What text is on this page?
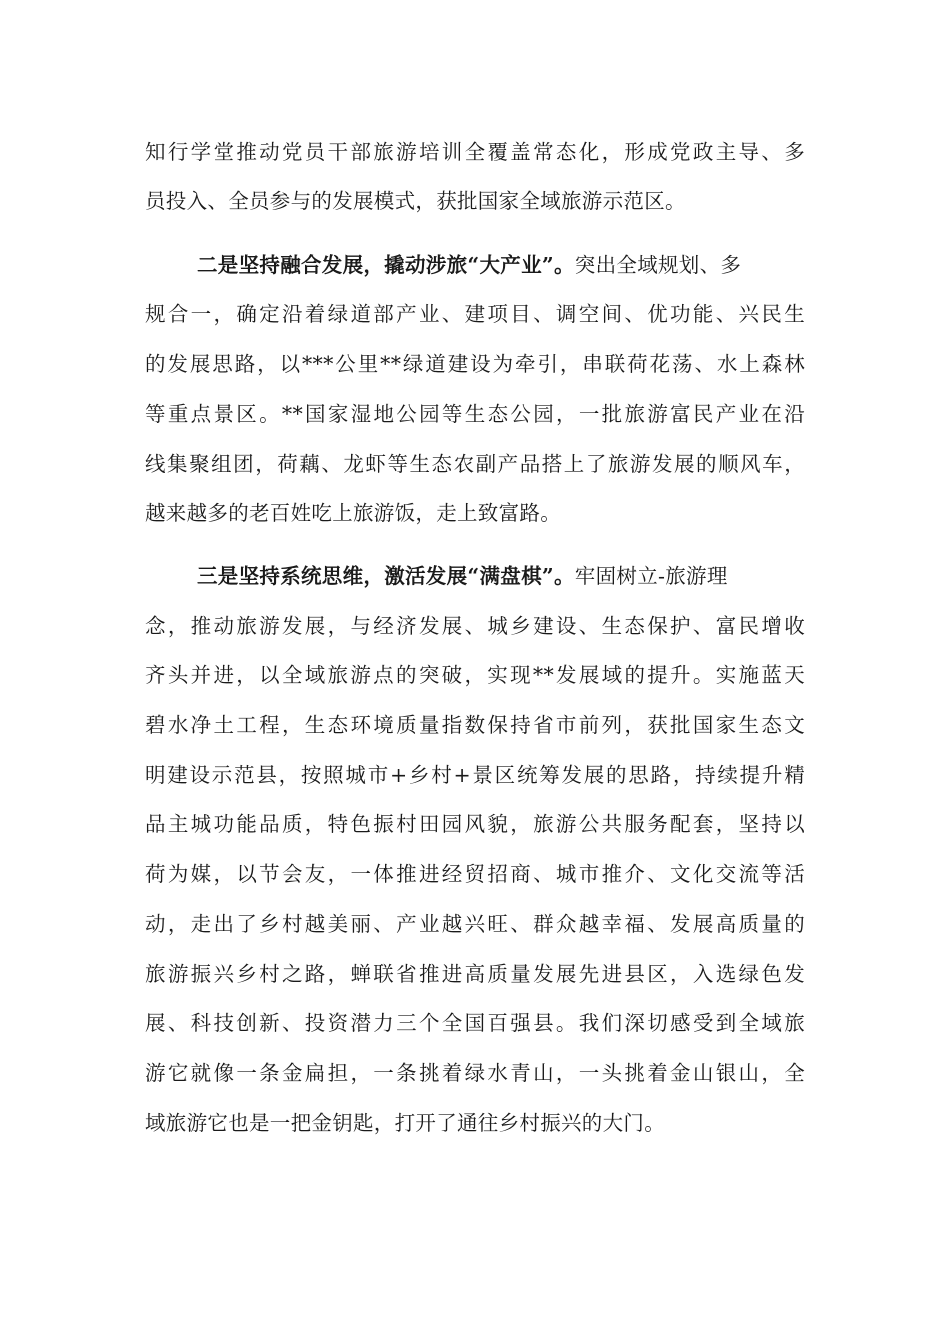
知行学堂推动党员干部旅游培训全覆盖常态化，形成党政主导、多
员投入、全员参与的发展模式，获批国家全域旅游示范区。
二是坚持融合发展，撬动涉旅“大产业”。突出全域规划、多
规合一，确定沿着绿道部产业、建项目、调空间、优功能、兴民生
的发展思路，以***公里**绿道建设为牵引，串联荷花荡、水上森林
等重点景区。**国家湿地公园等生态公园，一批旅游富民产业在沿
线集聚组团，荷藕、龙虾等生态农副产品搭上了旅游发展的顺风车，
越来越多的老百姓吃上旅游饭，走上致富路。
三是坚持系统思维，激活发展“满盘棋”。牢固树立-旅游理
念，推动旅游发展，与经济发展、城乡建设、生态保护、富民增收
齐头并进，以全域旅游点的突破，实现**发展域的提升。实施蓝天
碧水净土工程，生态环境质量指数保持省市前列，获批国家生态文
明建设示范县，按照城市+乡村+景区统筹发展的思路，持续提升精
品主城功能品质，特色振村田园风貌，旅游公共服务配套，坚持以
荷为媒，以节会友，一体推进经贸招商、城市推介、文化交流等活
动，走出了乡村越美丽、产业越兴旺、群众越幸福、发展高质量的
旅游振兴乡村之路，蝉联省推进高质量发展先进县区，入选绿色发
展、科技创新、投资潜力三个全国百强县。我们深切感受到全域旅
游它就像一条金扁担，一条挑着绿水青山，一头挑着金山银山，全
域旅游它也是一把金钥匙，打开了通往乡村振兴的大门。
